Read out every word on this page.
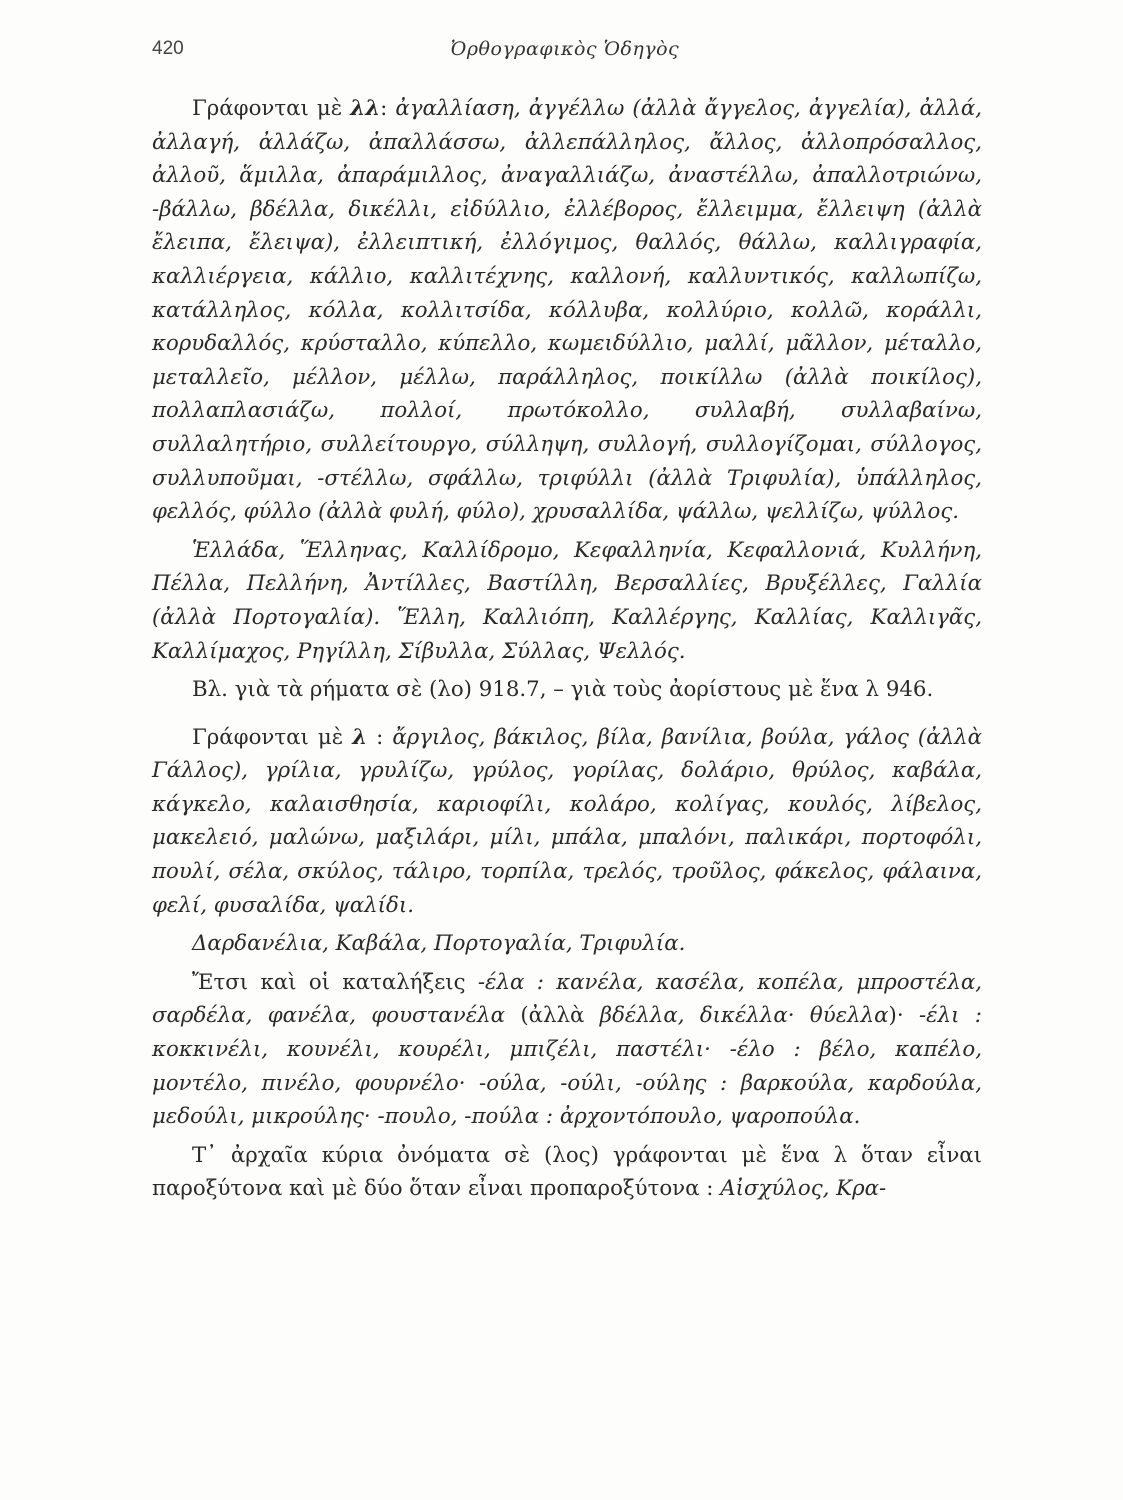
420	Ὀρθογραφικὸς Ὁδηγὸς

Γράφονται μὲ λλ: ἀγαλλίαση, ἀγγέλλω (ἀλλὰ ἄγγελος, ἀγγελία), ἀλλά, ἀλλαγή, ἀλλάζω, ἀπαλλάσσω, ἀλλεπάλληλος, ἄλλος, ἀλλοπρόσαλλος, ἀλλοῦ, ἅμιλλα, ἀπαράμιλλος, ἀναγαλλιάζω, ἀναστέλλω, ἀπαλλοτριώνω, -βάλλω, βδέλλα, δικέλλι, εἰδύλλιο, ἐλλέβορος, ἔλλειμμα, ἔλλειψη (ἀλλὰ ἔλειπα, ἔλειψα), ἐλλειπτική, ἐλλόγιμος, θαλλός, θάλλω, καλλιγραφία, καλλιέργεια, κάλλιο, καλλιτέχνης, καλλονή, καλλυντικός, καλλωπίζω, κατάλληλος, κόλλα, κολλιτσίδα, κόλλυβα, κολλύριο, κολλῶ, κοράλλι, κορυδαλλός, κρύσταλλο, κύπελλο, κωμειδύλλιο, μαλλί, μᾶλλον, μέταλλο, μεταλλεῖο, μέλλον, μέλλω, παράλληλος, ποικίλλω (ἀλλὰ ποικίλος), πολλαπλασιάζω, πολλοί, πρωτόκολλο, συλλαβή, συλλαβαίνω, συλλαλητήριο, συλλείτουργο, σύλληψη, συλλογή, συλλογίζομαι, σύλλογος, συλλυποῦμαι, -στέλλω, σφάλλω, τριφύλλι (ἀλλὰ Τριφυλία), ὑπάλληλος, φελλός, φύλλο (ἀλλὰ φυλή, φύλο), χρυσαλλίδα, ψάλλω, ψελλίζω, ψύλλος.

Ἑλλάδα, Ἕλληνας, Καλλίδρομο, Κεφαλληνία, Κεφαλλονιά, Κυλλήνη, Πέλλα, Πελλήνη, Ἀντίλλες, Βαστίλλη, Βερσαλλίες, Βρυξέλλες, Γαλλία (ἀλλὰ Πορτογαλία). Ἕλλη, Καλλιόπη, Καλλέργης, Καλλίας, Καλλιγᾶς, Καλλίμαχος, Ρηγίλλη, Σίβυλλα, Σύλλας, Ψελλός.

Βλ. γιὰ τὰ ρήματα σὲ (λο) 918.7, – γιὰ τοὺς ἀορίστους μὲ ἕνα λ 946.

Γράφονται μὲ λ : ἄργιλος, βάκιλος, βίλα, βανίλια, βούλα, γάλος (ἀλλὰ Γάλλος), γρίλια, γρυλίζω, γρύλος, γορίλας, δολάριο, θρύλος, καβάλα, κάγκελο, καλαισθησία, καριοφίλι, κολάρο, κολίγας, κουλός, λίβελος, μακελειό, μαλώνω, μαξιλάρι, μίλι, μπάλα, μπαλόνι, παλικάρι, πορτοφόλι, πουλί, σέλα, σκύλος, τάλιρο, τορπίλα, τρελός, τροῦλος, φάκελος, φάλαινα, φελί, φυσαλίδα, ψαλίδι.

Δαρδανέλια, Καβάλα, Πορτογαλία, Τριφυλία.

Ἔτσι καὶ οἱ καταλήξεις -έλα : κανέλα, κασέλα, κοπέλα, μπροστέλα, σαρδέλα, φανέλα, φουστανέλα (ἀλλὰ βδέλλα, δικέλλα· θύελλα)· -έλι : κοκκινέλι, κουνέλι, κουρέλι, μπιζέλι, παστέλι· -έλο : βέλο, καπέλο, μοντέλο, πινέλο, φουρνέλο· -ούλα, -ούλι, -ούλης : βαρκούλα, καρδούλα, μεδούλι, μικρούλης· -πουλο, -πούλα : ἀρχοντόπουλο, ψαροπούλα.

Τ᾿ ἀρχαῖα κύρια ὀνόματα σὲ (λος) γράφονται μὲ ἕνα λ ὅταν εἶναι παροξύτονα καὶ μὲ δύο ὅταν εἶναι προπαροξύτονα : Αἰσχύλος, Κρα-
